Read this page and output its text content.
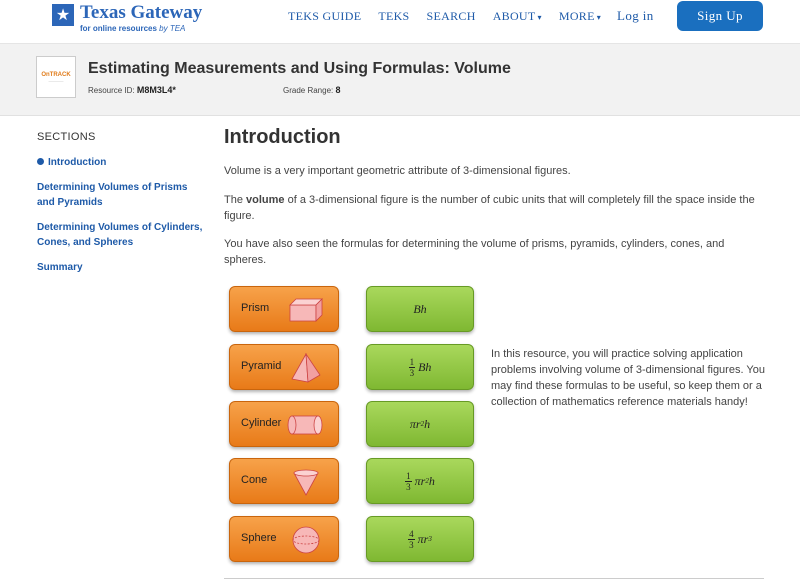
★ Texas Gateway
for online resources by TEA
TEKS GUIDE TEKS SEARCH ABOUT ▾ MORE ▾ Log in	Sign Up
OnTRACK
—————
Estimating Measurements and Using Formulas: Volume
Resource ID: M8M3L4*	Grade Range: 8
SECTIONS
Introduction
Determining Volumes of Prisms and Pyramids
Determining Volumes of Cylinders, Cones, and Spheres
Summary
Introduction

Volume is a very important geometric attribute of 3-dimensional figures.

The volume of a 3-dimensional figure is the number of cubic units that will completely fill the space inside the figure.

You have also seen the formulas for determining the volume of prisms, pyramids, cylinders, cones, and spheres.

Prism
Pyramid
Cylinder
Cone
Sphere
Bh
$\frac{1}{3}$ Bh
πr 2 h
$\frac{1}{3}$ πr 2 h
$\frac{4}{3}$ πr 3

In this resource, you will practice solving application problems involving volume of 3-dimensional figures. You may find these formulas to be useful, so keep them or a collection of mathematics reference materials handy!
